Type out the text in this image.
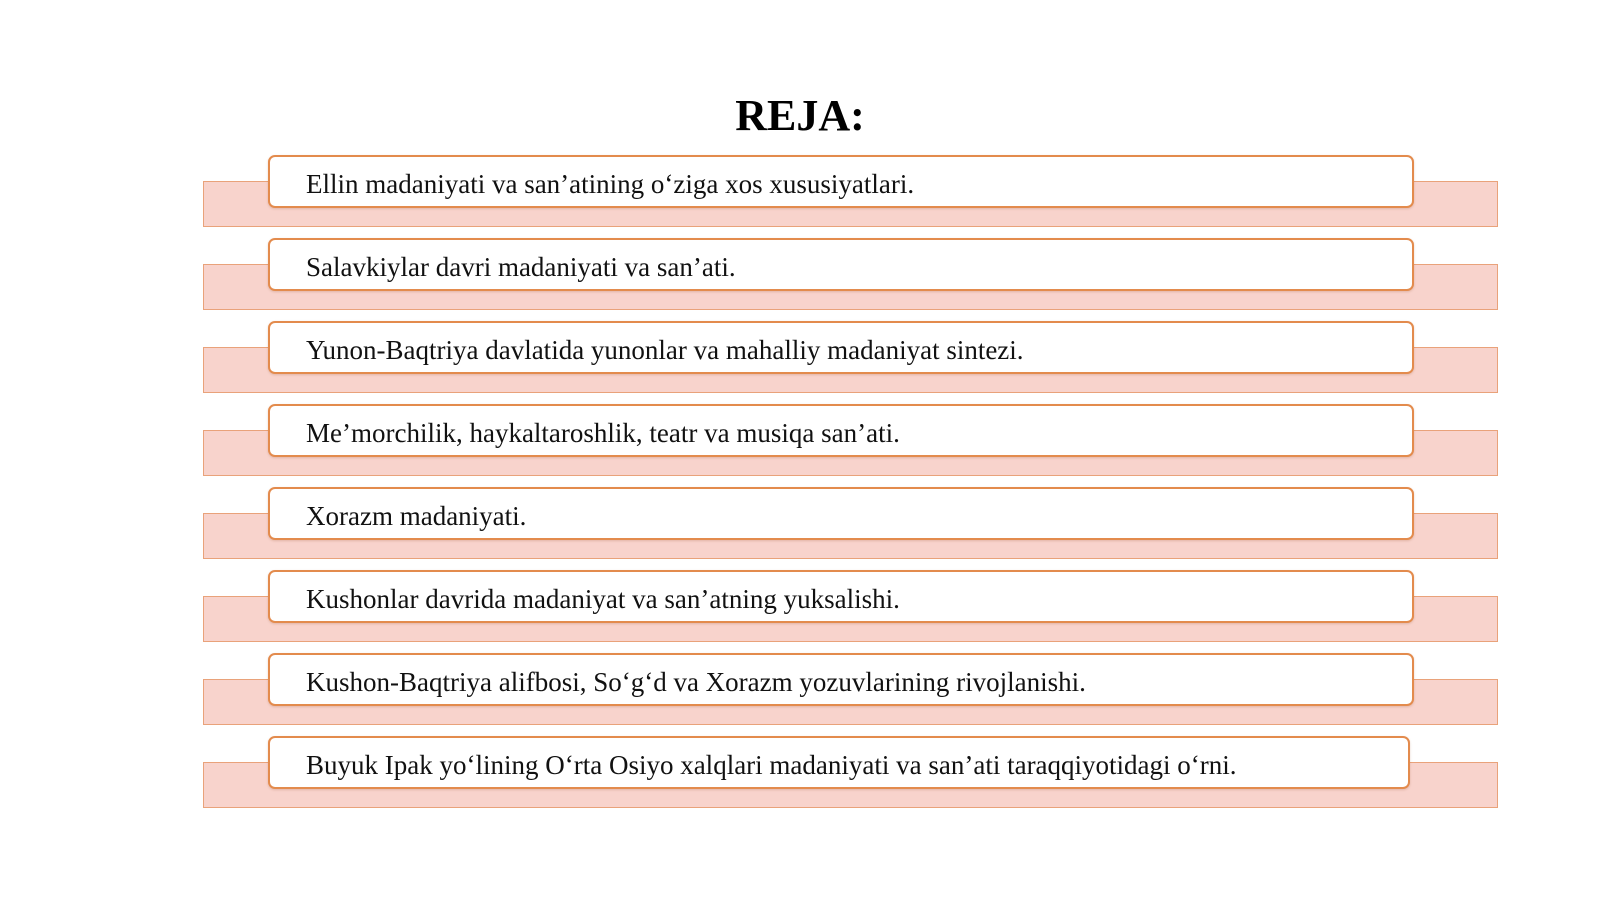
REJA:
Ellin madaniyati va san’atining o‘ziga xos xususiyatlari.
Salavkiylar davri madaniyati va san’ati.
Yunon-Baqtriya davlatida yunonlar va mahalliy madaniyat sintezi.
Me’morchilik, haykaltaroshlik, teatr va musiqa san’ati.
Xorazm madaniyati.
Kushonlar davrida madaniyat va san’atning yuksalishi.
Kushon-Baqtriya alifbosi, So‘g‘d va Xorazm yozuvlarining rivojlanishi.
Buyuk Ipak yo‘lining O‘rta Osiyo xalqlari madaniyati va san’ati taraqqiyotidagi o‘rni.
